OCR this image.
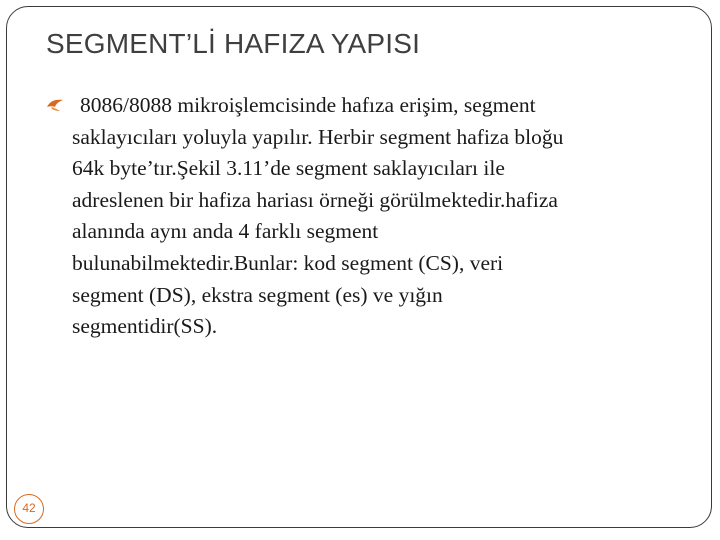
SEGMENT’Lİ HAFIZA YAPISI
8086/8088 mikroişlemcisinde hafıza erişim, segment
saklayıcıları yoluyla yapılır. Herbir segment hafiza bloğu
64k byte’tır.Şekil 3.11’de segment saklayıcıları ile
adreslenen bir hafiza hariası örneği görülmektedir.hafiza
alanında aynı anda 4 farklı segment
bulunabilmektedir.Bunlar: kod segment (CS), veri
segment (DS), ekstra segment (es) ve yığın
segmentidir(SS).
42
